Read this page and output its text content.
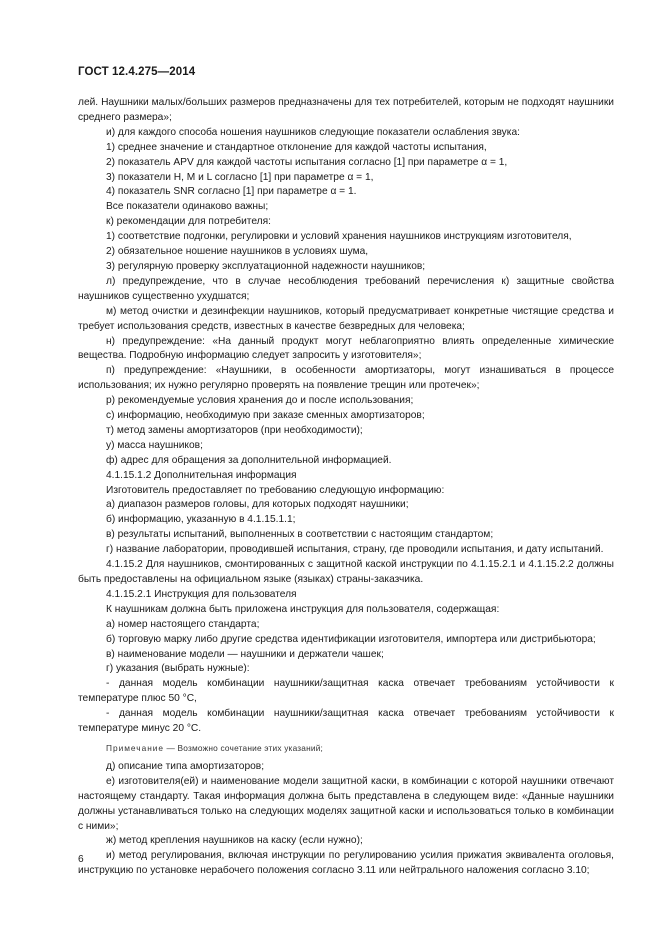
ГОСТ 12.4.275—2014

лей. Наушники малых/больших размеров предназначены для тех потребителей, которым не подходят наушники среднего размера»;

и) для каждого способа ношения наушников следующие показатели ослабления звука:

1) среднее значение и стандартное отклонение для каждой частоты испытания,

2) показатель APV для каждой частоты испытания согласно [1] при параметре α = 1,

3) показатели H, M и L согласно [1] при параметре α = 1,

4) показатель SNR согласно [1] при параметре α = 1.

Все показатели одинаково важны;

к) рекомендации для потребителя:

1) соответствие подгонки, регулировки и условий хранения наушников инструкциям изготовителя,

2) обязательное ношение наушников в условиях шума,

3) регулярную проверку эксплуатационной надежности наушников;

л) предупреждение, что в случае несоблюдения требований перечисления к) защитные свойства наушников существенно ухудшатся;

м) метод очистки и дезинфекции наушников, который предусматривает конкретные чистящие средства и требует использования средств, известных в качестве безвредных для человека;

н) предупреждение: «На данный продукт могут неблагоприятно влиять определенные химические вещества. Подробную информацию следует запросить у изготовителя»;

п) предупреждение: «Наушники, в особенности амортизаторы, могут изнашиваться в процессе использования; их нужно регулярно проверять на появление трещин или протечек»;

р) рекомендуемые условия хранения до и после использования;

с) информацию, необходимую при заказе сменных амортизаторов;

т) метод замены амортизаторов (при необходимости);

у) масса наушников;

ф) адрес для обращения за дополнительной информацией.

4.1.15.1.2 Дополнительная информация

Изготовитель предоставляет по требованию следующую информацию:

а) диапазон размеров головы, для которых подходят наушники;

б) информацию, указанную в 4.1.15.1.1;

в) результаты испытаний, выполненных в соответствии с настоящим стандартом;

г) название лаборатории, проводившей испытания, страну, где проводили испытания, и дату испытаний.

4.1.15.2 Для наушников, смонтированных с защитной каской инструкции по 4.1.15.2.1 и 4.1.15.2.2 должны быть предоставлены на официальном языке (языках) страны-заказчика.

4.1.15.2.1 Инструкция для пользователя

К наушникам должна быть приложена инструкция для пользователя, содержащая:

а) номер настоящего стандарта;

б) торговую марку либо другие средства идентификации изготовителя, импортера или дистрибьютора;

в) наименование модели — наушники и держатели чашек;

г) указания (выбрать нужные):

- данная модель комбинации наушники/защитная каска отвечает требованиям устойчивости к температуре плюс 50 °С,

- данная модель комбинации наушники/защитная каска отвечает требованиям устойчивости к температуре минус 20 °С.

Примечание — Возможно сочетание этих указаний;

д) описание типа амортизаторов;

е) изготовителя(ей) и наименование модели защитной каски, в комбинации с которой наушники отвечают настоящему стандарту. Такая информация должна быть представлена в следующем виде: «Данные наушники должны устанавливаться только на следующих моделях защитной каски и использоваться только в комбинации с ними»;

ж) метод крепления наушников на каску (если нужно);

и) метод регулирования, включая инструкции по регулированию усилия прижатия эквивалента оголовья, инструкцию по установке нерабочего положения согласно 3.11 или нейтрального наложения согласно 3.10;

6
